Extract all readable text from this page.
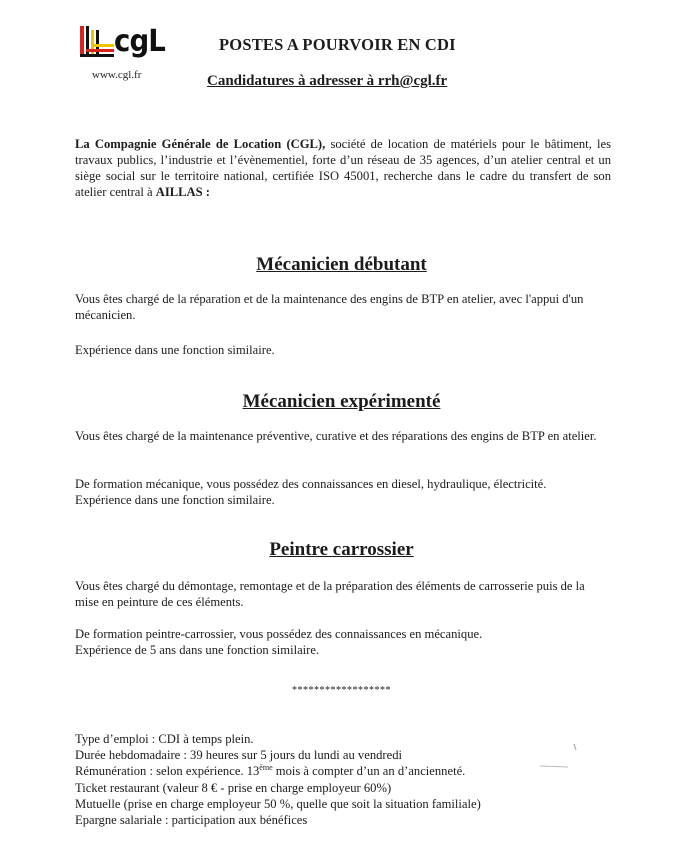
cgL
www.cgl.fr
POSTES A POURVOIR EN CDI
Candidatures à adresser à rrh@cgl.fr

La Compagnie Générale de Location (CGL), société de location de matériels pour le bâtiment, les travaux publics, l’industrie et l’évènementiel, forte d’un réseau de 35 agences, d’un atelier central et un siège social sur le territoire national, certifiée ISO 45001, recherche dans le cadre du transfert de son atelier central à AILLAS :

Mécanicien débutant

Vous êtes chargé de la réparation et de la maintenance des engins de BTP en atelier, avec l'appui d'un mécanicien.

Expérience dans une fonction similaire.

Mécanicien expérimenté

Vous êtes chargé de la maintenance préventive, curative et des réparations des engins de BTP en atelier.

De formation mécanique, vous possédez des connaissances en diesel, hydraulique, électricité.

Expérience dans une fonction similaire.

Peintre carrossier

Vous êtes chargé du démontage, remontage et de la préparation des éléments de carrosserie puis de la mise en peinture de ces éléments.

De formation peintre-carrossier, vous possédez des connaissances en mécanique.

Expérience de 5 ans dans une fonction similaire.

******************
Type d’emploi : CDI à temps plein.
Durée hebdomadaire : 39 heures sur 5 jours du lundi au vendredi
Rémunération : selon expérience. 13ème mois à compter d’un an d’ancienneté.
Ticket restaurant (valeur 8 € - prise en charge employeur 60%)
Mutuelle (prise en charge employeur 50 %, quelle que soit la situation familiale)
Epargne salariale : participation aux bénéfices
